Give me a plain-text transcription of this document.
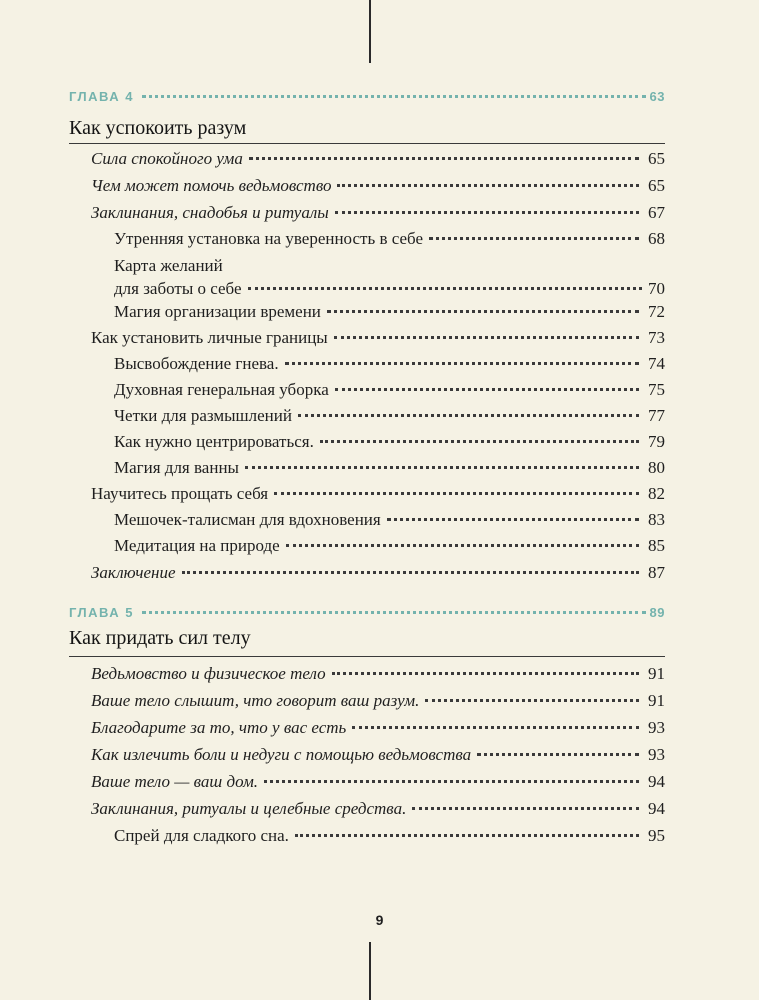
ГЛАВА 4	63
Как успокоить разум
Сила спокойного ума	65
Чем может помочь ведьмовство	65
Заклинания, снадобья и ритуалы	67
Утренняя установка на уверенность в себе	68
Карта желаний
для заботы о себе	70
Магия организации времени	72
Как установить личные границы	73
Высвобождение гнева.	74
Духовная генеральная уборка	75
Четки для размышлений	77
Как нужно центрироваться.	79
Магия для ванны	80
Научитесь прощать себя	82
Мешочек-талисман для вдохновения	83
Медитация на природе	85
Заключение	87
ГЛАВА 5	89
Как придать сил телу
Ведьмовство и физическое тело	91
Ваше тело слышит, что говорит ваш разум.	91
Благодарите за то, что у вас есть	93
Как излечить боли и недуги с помощью ведьмовства	93
Ваше тело — ваш дом.	94
Заклинания, ритуалы и целебные средства.	94
Спрей для сладкого сна.	95
9
